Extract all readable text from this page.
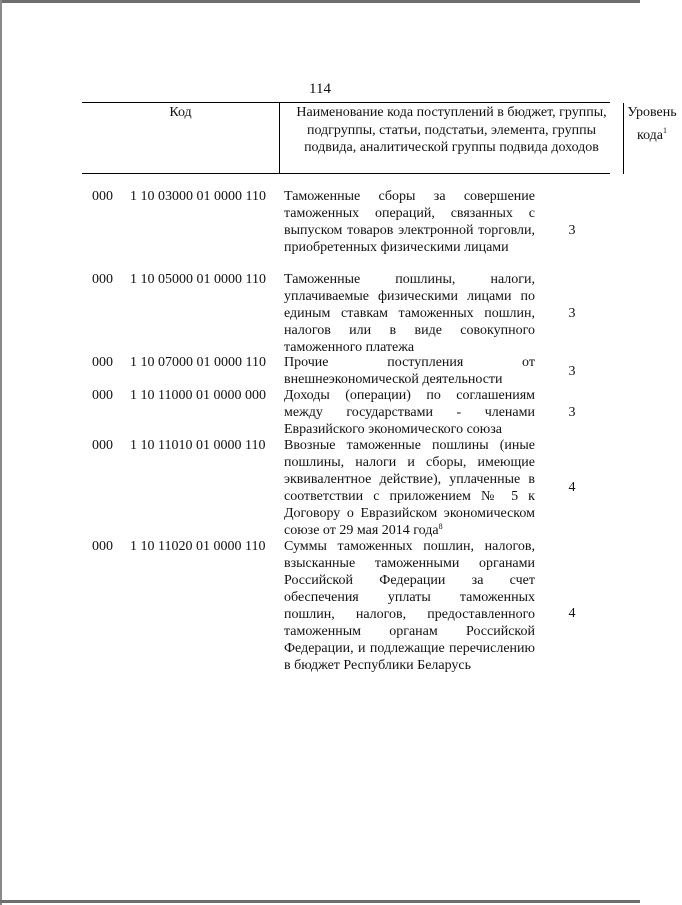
114
Код	Наименование кода поступлений в бюджет, группы, подгруппы, статьи, подстатьи, элемента, группы подвида, аналитической группы подвида доходов
Уровень кода$^1$
000 1 10 03000 01 0000 110 Таможенные сборы за совершение таможенных операций, связанных с выпуском товаров электронной торговли, приобретенных физическими лицами
3
000 1 10 05000 01 0000 110 Таможенные пошлины, налоги, уплачиваемые физическими лицами по единым ставкам таможенных пошлин, налогов или в виде совокупного таможенного платежа
3
000 1 10 07000 01 0000 110 Прочие поступления от внешнеэкономической деятельности
3
000 1 10 11000 01 0000 000 Доходы (операции) по соглашениям между государствами - членами Евразийского экономического союза
3
000 1 10 11010 01 0000 110 Ввозные таможенные пошлины (иные пошлины, налоги и сборы, имеющие эквивалентное действие), уплаченные в соответствии с приложением № 5 к Договору о Евразийском экономическом союзе от 29 мая 2014 года$^8$
4
000 1 10 11020 01 0000 110 Суммы таможенных пошлин, налогов, взысканные таможенными органами Российской Федерации за счет обеспечения уплаты таможенных пошлин, налогов, предоставленного таможенным органам Российской Федерации, и подлежащие перечислению в бюджет Республики Беларусь
4
